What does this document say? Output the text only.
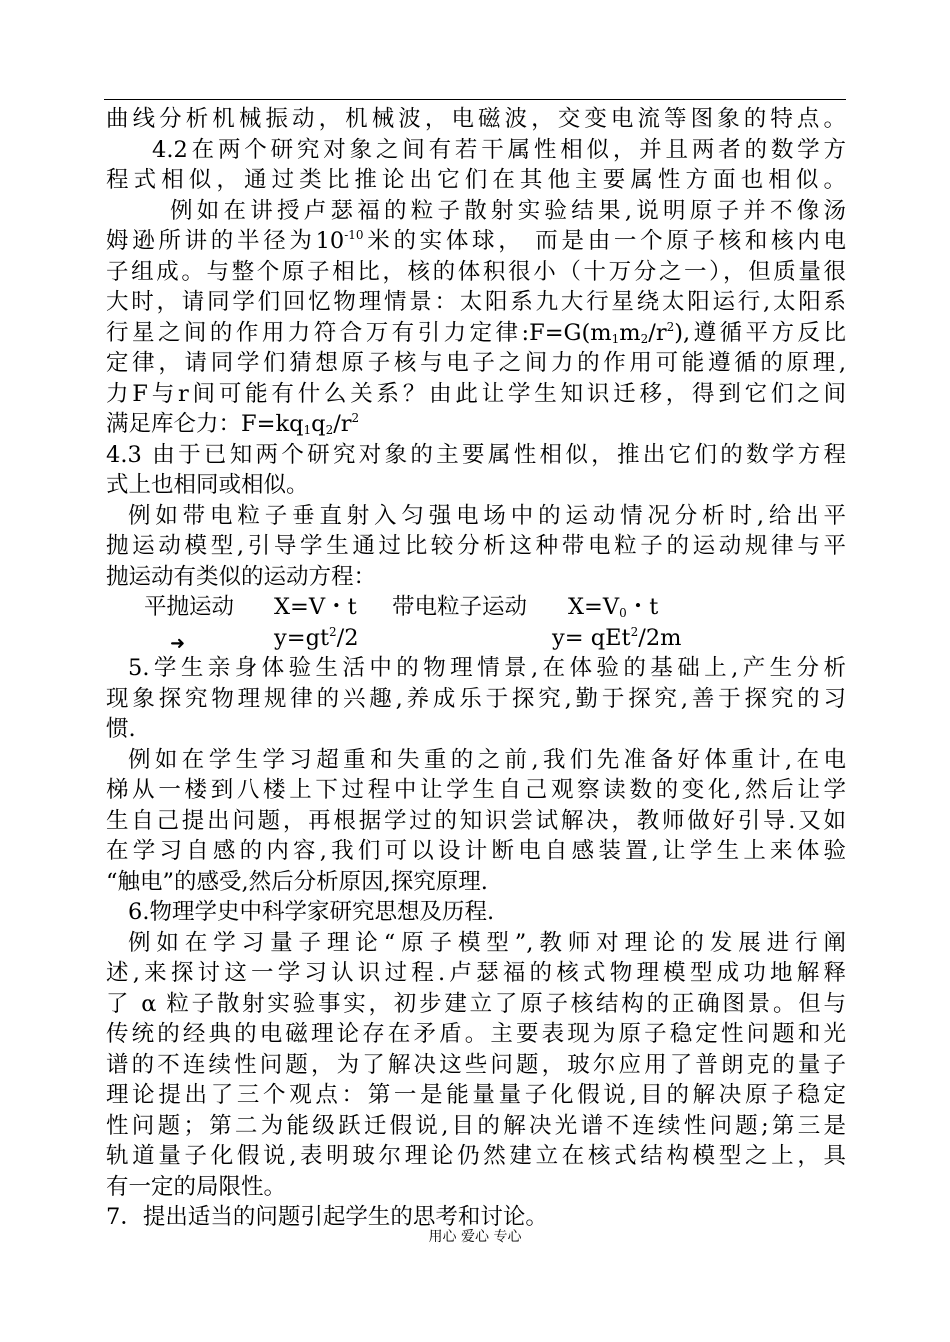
曲线分析机械振动，机械波，电磁波，交变电流等图象的特点。
4.2在两个研究对象之间有若干属性相似，并且两者的数学方
程式相似，通过类比推论出它们在其他主要属性方面也相似。
例如在讲授卢瑟福的粒子散射实验结果,说明原子并不像汤
姆逊所讲的半径为$10^{-10}$米的实体球， 而是由一个原子核和核内电
子组成。与整个原子相比，核的体积很小（十万分之一），但质量很
大时，请同学们回忆物理情景：太阳系九大行星绕太阳运行,太阳系
行星之间的作用力符合万有引力定律$:F=G(m_1m_2/r^2)$,遵循平方反比
定律，请同学们猜想原子核与电子之间力的作用可能遵循的原理,
力F与r间可能有什么关系？由此让学生知识迁移，得到它们之间
满足库仑力：$F=kq_1q_2/r^2$
4.3 由于已知两个研究对象的主要属性相似，推出它们的数学方程
式上也相同或相似。
例如带电粒子垂直射入匀强电场中的运动情况分析时,给出平
抛运动模型,引导学生通过比较分析这种带电粒子的运动规律与平
抛运动有类似的运动方程：
平抛运动 X=V・t 带电粒子运动 $X=V_0$・t
➜	$y=gt^2/2$	y= qEt$^2$/2m
5.学生亲身体验生活中的物理情景,在体验的基础上,产生分析
现象探究物理规律的兴趣,养成乐于探究,勤于探究,善于探究的习
惯.
例如在学生学习超重和失重的之前,我们先准备好体重计,在电
梯从一楼到八楼上下过程中让学生自己观察读数的变化,然后让学
生自己提出问题，再根据学过的知识尝试解决，教师做好引导.又如
在学习自感的内容,我们可以设计断电自感装置,让学生上来体验
“触电”的感受,然后分析原因,探究原理.
6.物理学史中科学家研究思想及历程.
例如在学习量子理论“原子模型”,教师对理论的发展进行阐
述,来探讨这一学习认识过程.卢瑟福的核式物理模型成功地解释
了 α 粒子散射实验事实，初步建立了原子核结构的正确图景。但与
传统的经典的电磁理论存在矛盾。主要表现为原子稳定性问题和光
谱的不连续性问题，为了解决这些问题，玻尔应用了普朗克的量子
理论提出了三个观点：第一是能量量子化假说,目的解决原子稳定
性问题；第二为能级跃迁假说,目的解决光谱不连续性问题;第三是
轨道量子化假说,表明玻尔理论仍然建立在核式结构模型之上，具
有一定的局限性。
7．提出适当的问题引起学生的思考和讨论。
用心 爱心 专心
